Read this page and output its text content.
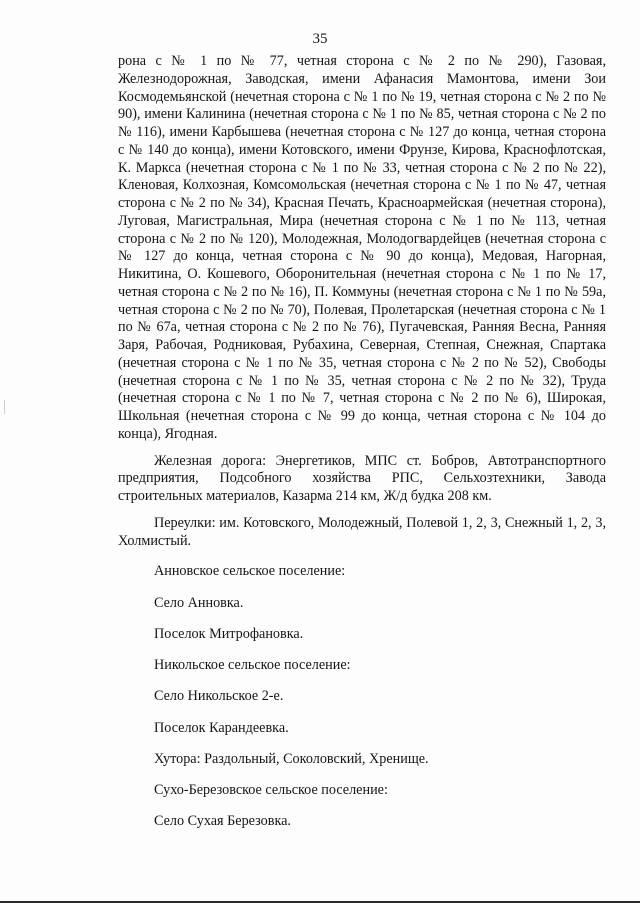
35

рона с № 1 по № 77, четная сторона с № 2 по № 290), Газовая, Железнодорожная, Заводская, имени Афанасия Мамонтова, имени Зои Космодемьянской (нечетная сторона с № 1 по № 19, четная сторона с № 2 по № 90), имени Калинина (нечетная сторона с № 1 по № 85, четная сторона с № 2 по № 116), имени Карбышева (нечетная сторона с № 127 до конца, четная сторона с № 140 до конца), имени Котовского, имени Фрунзе, Кирова, Краснофлотская, К. Маркса (нечетная сторона с № 1 по № 33, четная сторона с № 2 по № 22), Кленовая, Колхозная, Комсомольская (нечетная сторона с № 1 по № 47, четная сторона с № 2 по № 34), Красная Печать, Красноармейская (нечетная сторона), Луговая, Магистральная, Мира (нечетная сторона с № 1 по № 113, четная сторона с № 2 по № 120), Молодежная, Молодогвардейцев (нечетная сторона с № 127 до конца, четная сторона с № 90 до конца), Медовая, Нагорная, Никитина, О. Кошевого, Оборонительная (нечетная сторона с № 1 по № 17, четная сторона с № 2 по № 16), П. Коммуны (нечетная сторона с № 1 по № 59а, четная сторона с № 2 по № 70), Полевая, Пролетарская (нечетная сторона с № 1 по № 67а, четная сторона с № 2 по № 76), Пугачевская, Ранняя Весна, Ранняя Заря, Рабочая, Родниковая, Рубахина, Северная, Степная, Снежная, Спартака (нечетная сторона с № 1 по № 35, четная сторона с № 2 по № 52), Свободы (нечетная сторона с № 1 по № 35, четная сторона с № 2 по № 32), Труда (нечетная сторона с № 1 по № 7, четная сторона с № 2 по № 6), Широкая, Школьная (нечетная сторона с № 99 до конца, четная сторона с № 104 до конца), Ягодная.

Железная дорога: Энергетиков, МПС ст. Бобров, Автотранспортного предприятия, Подсобного хозяйства РПС, Сельхозтехники, Завода строительных материалов, Казарма 214 км, Ж/д будка 208 км.

Переулки: им. Котовского, Молодежный, Полевой 1, 2, 3, Снежный 1, 2, 3, Холмистый.

Анновское сельское поселение:
Село Анновка.
Поселок Митрофановка.
Никольское сельское поселение:
Село Никольское 2-е.
Поселок Карандеевка.
Хутора: Раздольный, Соколовский, Хренище.
Сухо-Березовское сельское поселение:
Село Сухая Березовка.
